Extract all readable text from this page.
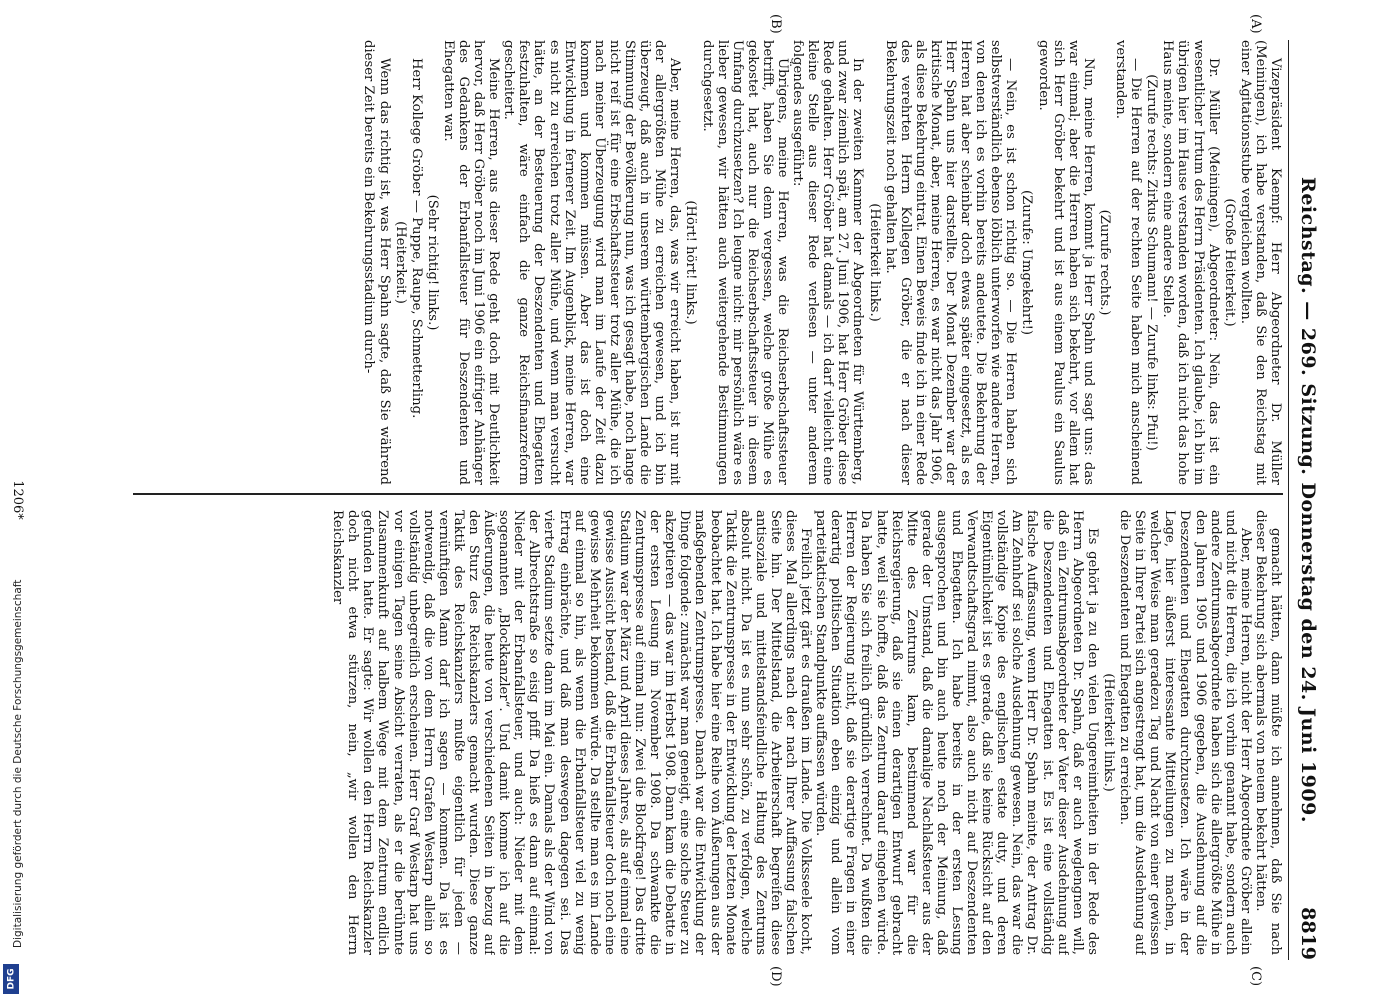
Reichstag. — 269. Sitzung. Donnerstag den 24. Juni 1909.
8819
(A)
(B)
(C)
(D)

Vizepräsident Kaempf: Herr Abgeordneter Dr. Müller (Meiningen), ich habe verstanden, daß Sie den Reichstag mit einer Agitationsstube vergleichen wollten.

(Große Heiterkeit.)

Dr. Müller (Meiningen), Abgeordneter: Nein, das ist ein wesentlicher Irrtum des Herrn Präsidenten. Ich glaube, ich bin im übrigen hier im Hause verstanden worden, daß ich nicht das hohe Haus meinte, sondern eine andere Stelle.

(Zurufe rechts: Zirkus Schumann! — Zurufe links: Pfui!)

— Die Herren auf der rechten Seite haben mich anscheinend verstanden.

(Zurufe rechts.)

Nun, meine Herren, kommt ja Herr Spahn und sagt uns: das war einmal; aber die Herren haben sich bekehrt, vor allem hat sich Herr Gröber bekehrt und ist aus einem Paulus ein Saulus geworden.

(Zurufe: Umgekehrt!)

— Nein, es ist schon richtig so. — Die Herren haben sich selbstverständlich ebenso löblich unterworfen wie andere Herren, von denen ich es vorhin bereits andeutete. Die Bekehrung der Herren hat aber scheinbar doch etwas später eingesetzt, als es Herr Spahn uns hier darstellte. Der Monat Dezember war der kritische Monat, aber, meine Herren, es war nicht das Jahr 1906, als diese Bekehrung eintrat. Einen Beweis finde ich in einer Rede des verehrten Herrn Kollegen Gröber, die er nach dieser Bekehrungszeit noch gehalten hat.

(Heiterkeit links.)

In der zweiten Kammer der Abgeordneten für Württemberg, und zwar ziemlich spät, am 27. Juni 1906, hat Herr Gröber diese Rede gehalten. Herr Gröber hat damals — ich darf vielleicht eine kleine Stelle aus dieser Rede verlesen — unter anderem folgendes ausgeführt:

Übrigens, meine Herren, was die Reichserbschaftssteuer betrifft, haben Sie denn vergessen, welche große Mühe es gekostet hat, auch nur die Reichserbschaftssteuer in diesem Umfang durchzusetzen? Ich leugne nicht: mir persönlich wäre es lieber gewesen, wir hätten auch weitergehende Bestimmungen durchgesetzt.

(Hört! hört! links.)

Aber, meine Herren, das, was wir erreicht haben, ist nur mit der allergrößten Mühe zu erreichen gewesen, und ich bin überzeugt, daß auch in unserem württembergischen Lande die Stimmung der Bevölkerung nun, was ich gesagt habe, noch lange nicht reif ist für eine Erbschaftssteuer trotz aller Mühe, die ich nach meiner Überzeugung wird man im Laufe der Zeit dazu kommen und kommen müssen. Aber das ist doch eine Entwicklung in fernerer Zeit. Im Augenblick, meine Herren, war es nicht zu erreichen trotz aller Mühe, und wenn man versucht hätte, an der Besteuerung der Deszendenten und Ehegatten festzuhalten, wäre einfach die ganze Reichsfinanzreform gescheitert.

Meine Herren, aus dieser Rede geht doch mit Deutlichkeit hervor, daß Herr Gröber noch im Juni 1906 ein eifriger Anhänger des Gedankens der Erbanfallsteuer für Deszendenten und Ehegatten war.

(Sehr richtig! links.)

Herr Kollege Gröber — Puppe, Raupe, Schmetterling.

(Heiterkeit.)

Wenn das richtig ist, was Herr Spahn sagte, daß Sie während dieser Zeit bereits ein Bekehrungsstadium durch-

gemacht hätten, dann müßte ich annehmen, daß Sie nach dieser Bekehrung sich abermals von neuem bekehrt hätten.

Aber, meine Herren, nicht der Herr Abgeordnete Gröber allein und nicht die Herren, die ich vorhin genannt habe, sondern auch andere Zentrumsabgeordnete haben sich die allergrößte Mühe in den Jahren 1905 und 1906 gegeben, die Ausdehnung auf die Deszendenten und Ehegatten durchzusetzen. Ich wäre in der Lage, hier äußerst interessante Mitteilungen zu machen, in welcher Weise man geradezu Tag und Nacht von einer gewissen Seite in Ihrer Partei sich angestrengt hat, um die Ausdehnung auf die Deszendenten und Ehegatten zu erreichen.

(Heiterkeit links.)

Es gehört ja zu den vielen Ungereimtheiten in der Rede des Herrn Abgeordneten Dr. Spahn, daß er auch weglengnen will, daß ein Zentrumsabgeordneter der Vater dieser Ausdehnung auf die Deszendenten und Ehegatten ist. Es ist eine vollständig falsche Auffassung, wenn Herr Dr. Spahn meinte, der Antrag Dr. Am Zehnhoff sei solche Ausdehnung gewesen. Nein, das war die vollständige Kopie des englischen estate duty, und deren Eigentümlichkeit ist es gerade, daß sie keine Rücksicht auf den Verwandtschaftsgrad nimmt, also auch nicht auf Deszendenten und Ehegatten. Ich habe bereits in der ersten Lesung ausgesprochen und bin auch heute noch der Meinung, daß gerade der Umstand, daß die damalige Nachlaßsteuer aus der Mitte des Zentrums kam, bestimmend war für die Reichsregierung, daß sie einen derartigen Entwurf gebracht hatte, weil sie hoffte, daß das Zentrum darauf eingehen würde. Da haben Sie sich freilich gründlich verrechnet. Da wußten die Herren der Regierung nicht, daß sie derartige Fragen in einer derartig politischen Situation eben einzig und allein vom parteitaktischen Standpunkte auffassen würden.

Freilich jetzt gärt es draußen im Lande. Die Volksseele kocht, dieses Mal allerdings nach der nach Ihrer Auffassung falschen Seite hin. Der Mittelstand, die Arbeiterschaft begreifen diese antisoziale und mittelstandsfeindliche Haltung des Zentrums absolut nicht. Da ist es nun sehr schön, zu verfolgen, welche Taktik die Zentrumspresse in der Entwicklung der letzten Monate beobachtet hat. Ich habe hier eine Reihe von Äußerungen aus der maßgebenden Zentrumspresse. Danach war die Entwicklung der Dinge folgende: zunächst war man geneigt, eine solche Steuer zu akzeptieren — das war im Herbst 1908. Dann kam die Debatte in der ersten Lesung im November 1908. Da schwankte die Zentrumspresse auf einmal nun: Zwei die Blockfrage! Das dritte Stadium war der März und April dieses Jahres, als auf einmal eine gewisse Aussicht bestand, daß die Erbanfallsteuer doch noch eine gewisse Mehrheit bekommen würde. Da stellte man es im Lande auf einmal so hin, als wenn die Erbanfallsteuer viel zu wenig Ertrag einbrächte, und daß man deswegen dagegen sei. Das vierte Stadium setzte dann im Mai ein. Damals als der Wind von der Albrechtstraße so eisig pfiff. Da hieß es dann auf einmal: Nieder mit der Erbanfallsteuer, und auch: Nieder mit dem sogenannten „Blockkanzler“. Und damit komme ich auf die Äußerungen, die heute von verschiedenen Seiten in bezug auf den Sturz des Reichskanzlers gemacht wurden. Diese ganze Taktik des Reichskanzlers mußte eigentlich für jeden — vernünftigen Mann darf ich sagen — kommen. Da ist es notwendig, daß die von dem Herrn Grafen Westarp allein so vollständig unbegreiflich erscheinen. Herr Graf Westarp hat uns vor einigen Tagen seine Absicht verraten, als er die berühmte Zusammenkunft auf halbem Wege mit dem Zentrum endlich gefunden hatte. Er sagte: Wir wollen den Herrn Reichskanzler doch nicht etwa stürzen, nein, „wir wollen den Herrn Reichskanzler

1206*
Digitalisierung gefördert durch die Deutsche Forschungsgemeinschaft
DFG
